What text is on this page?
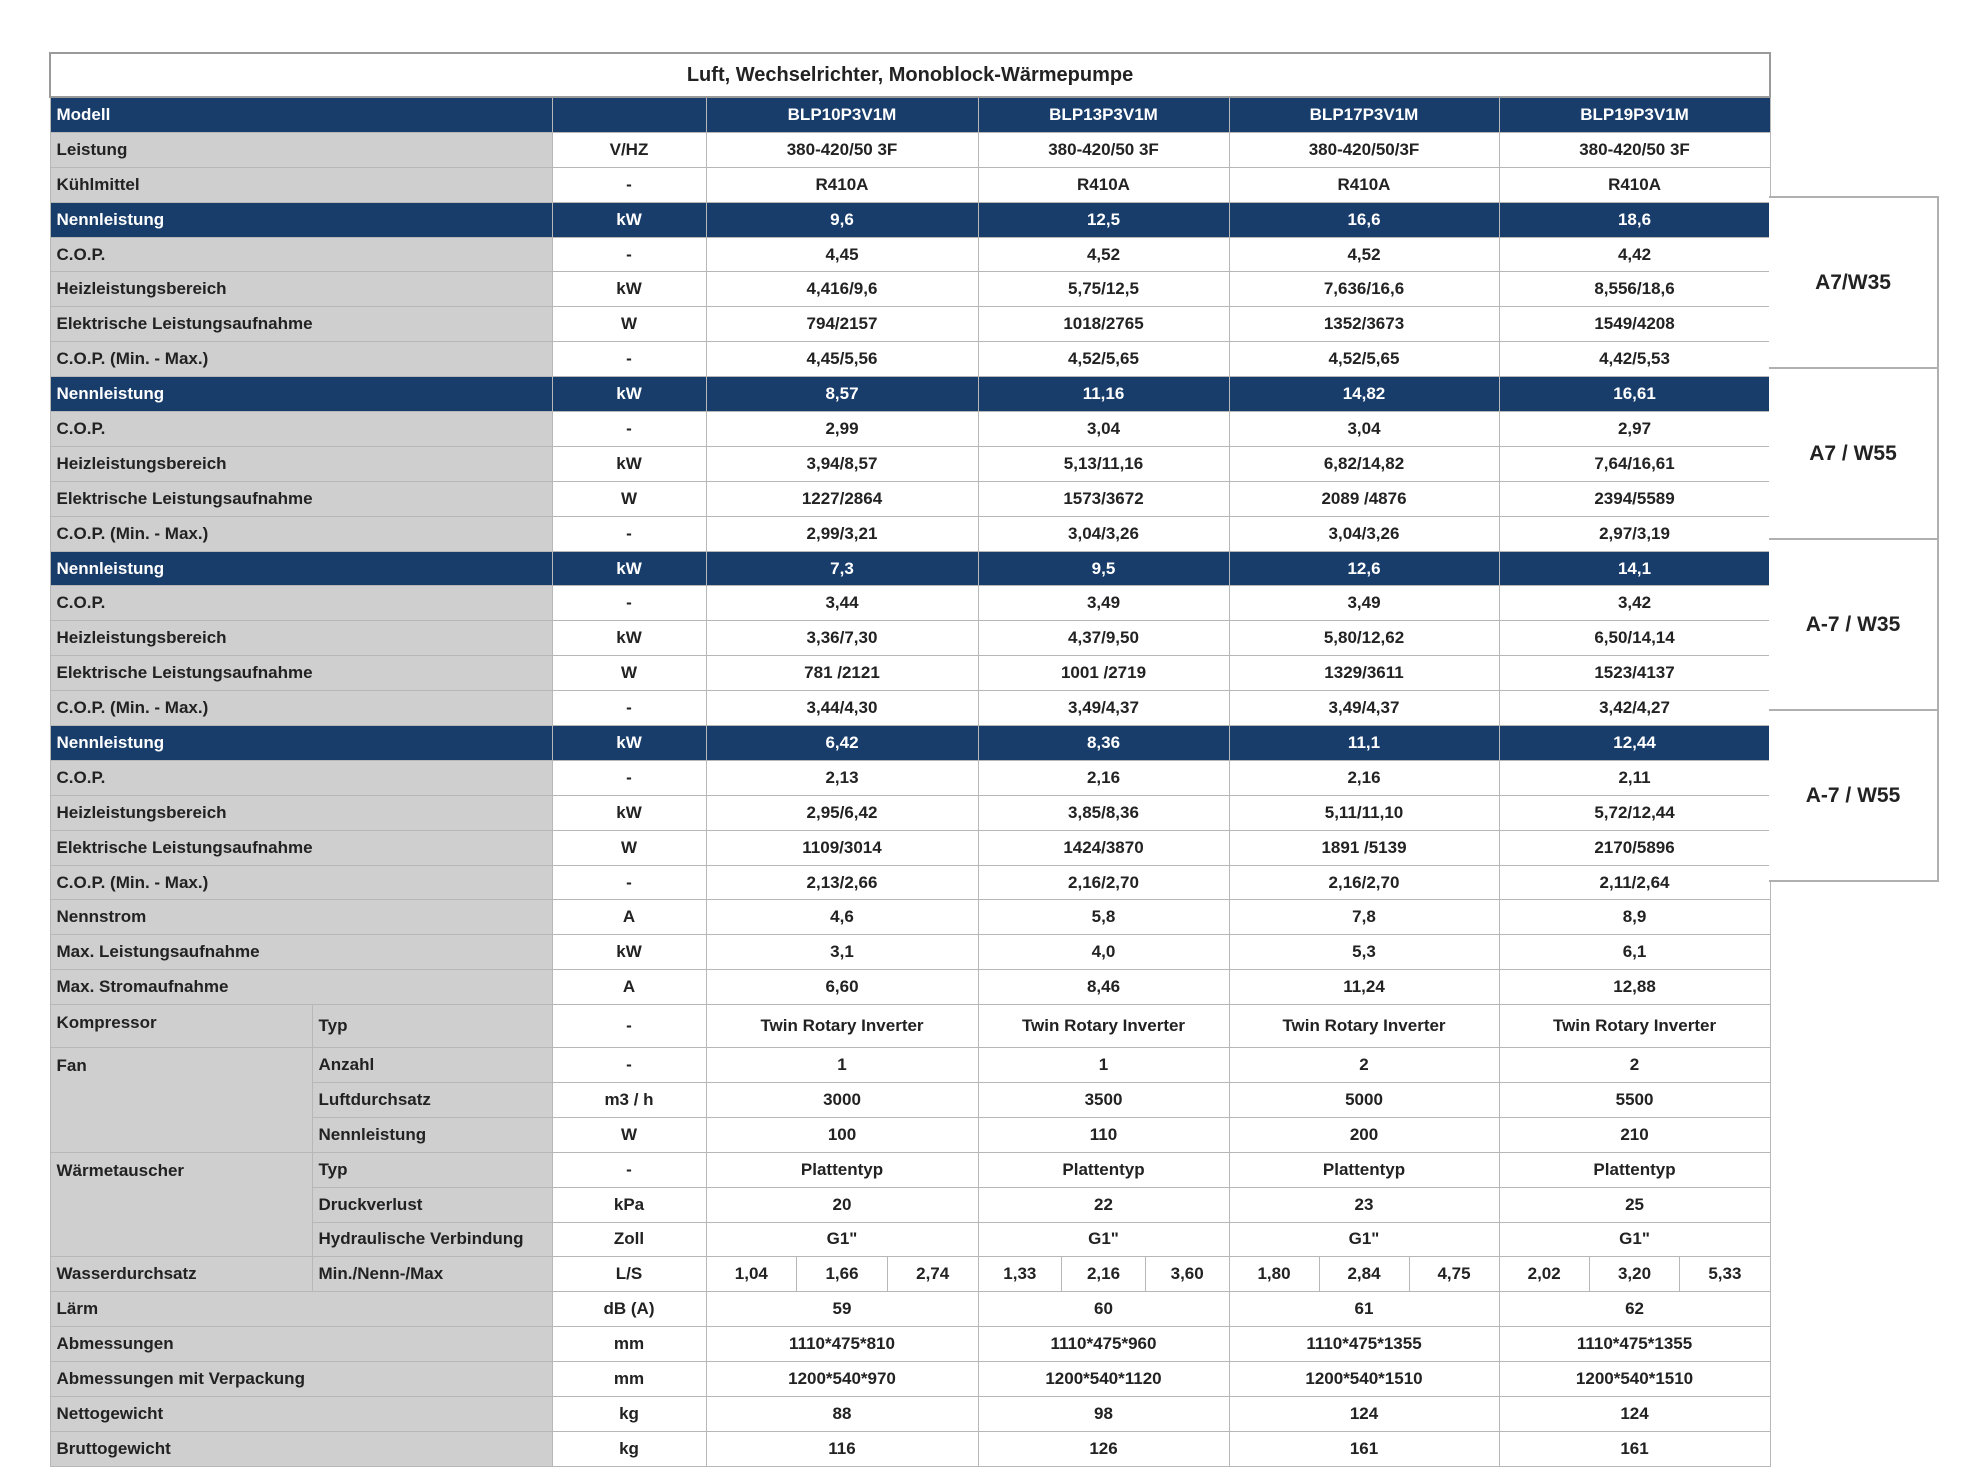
Luft, Wechselrichter, Monoblock-Wärmepumpe						
Modell			BLP10P3V1M	BLP13P3V1M	BLP17P3V1M	BLP19P3V1M
Leistung		V/HZ	380-420/50 3F	380-420/50 3F	380-420/50/3F	380-420/50 3F
Kühlmittel		-	R410A	R410A	R410A	R410A
Nennleistung		kW	9,6	12,5	16,6	18,6
C.O.P.		-	4,45	4,52	4,52	4,42
Heizleistungsbereich		kW	4,416/9,6	5,75/12,5	7,636/16,6	8,556/18,6
Elektrische Leistungsaufnahme		W	794/2157	1018/2765	1352/3673	1549/4208
C.O.P. (Min. - Max.)		-	4,45/5,56	4,52/5,65	4,52/5,65	4,42/5,53
Nennleistung		kW	8,57	11,16	14,82	16,61
C.O.P.		-	2,99	3,04	3,04	2,97
Heizleistungsbereich		kW	3,94/8,57	5,13/11,16	6,82/14,82	7,64/16,61
Elektrische Leistungsaufnahme		W	1227/2864	1573/3672	2089 /4876	2394/5589
C.O.P. (Min. - Max.)		-	2,99/3,21	3,04/3,26	3,04/3,26	2,97/3,19
Nennleistung		kW	7,3	9,5	12,6	14,1
C.O.P.		-	3,44	3,49	3,49	3,42
Heizleistungsbereich		kW	3,36/7,30	4,37/9,50	5,80/12,62	6,50/14,14
Elektrische Leistungsaufnahme		W	781 /2121	1001 /2719	1329/3611	1523/4137
C.O.P. (Min. - Max.)		-	3,44/4,30	3,49/4,37	3,49/4,37	3,42/4,27
Nennleistung		kW	6,42	8,36	11,1	12,44
C.O.P.		-	2,13	2,16	2,16	2,11
Heizleistungsbereich		kW	2,95/6,42	3,85/8,36	5,11/11,10	5,72/12,44
Elektrische Leistungsaufnahme		W	1109/3014	1424/3870	1891 /5139	2170/5896
C.O.P. (Min. - Max.)		-	2,13/2,66	2,16/2,70	2,16/2,70	2,11/2,64
Nennstrom		A	4,6	5,8	7,8	8,9
Max. Leistungsaufnahme		kW	3,1	4,0	5,3	6,1
Max. Stromaufnahme		A	6,60	8,46	11,24	12,88
Kompressor	Typ	-	Twin Rotary Inverter	Twin Rotary Inverter	Twin Rotary Inverter	Twin Rotary Inverter
Fan	Anzahl	-	1	1	2	2
	Luftdurchsatz	m3 / h	3000	3500	5000	5500
	Nennleistung	W	100	110	200	210
Wärmetauscher	Typ	-	Plattentyp	Plattentyp	Plattentyp	Plattentyp
	Druckverlust	kPa	20	22	23	25
	Hydraulische Verbindung	Zoll	G1"	G1"	G1"	G1"
Wasserdurchsatz	Min./Nenn-/Max	L/S	1,04 1,66 2,74	1,33 2,16 3,60	1,80 2,84 4,75	2,02 3,20 5,33

Lärm		dB (A)	59	60	61	62
Abmessungen		mm	1110*475*810	1110*475*960	1110*475*1355	1110*475*1355
Abmessungen mit Verpackung		mm	1200*540*970	1200*540*1120	1200*540*1510	1200*540*1510
Nettogewicht		kg	88	98	124	124
Bruttogewicht		kg	116	126	161	161
A7/W35
A7 / W55
A-7 / W35
A-7 / W55
